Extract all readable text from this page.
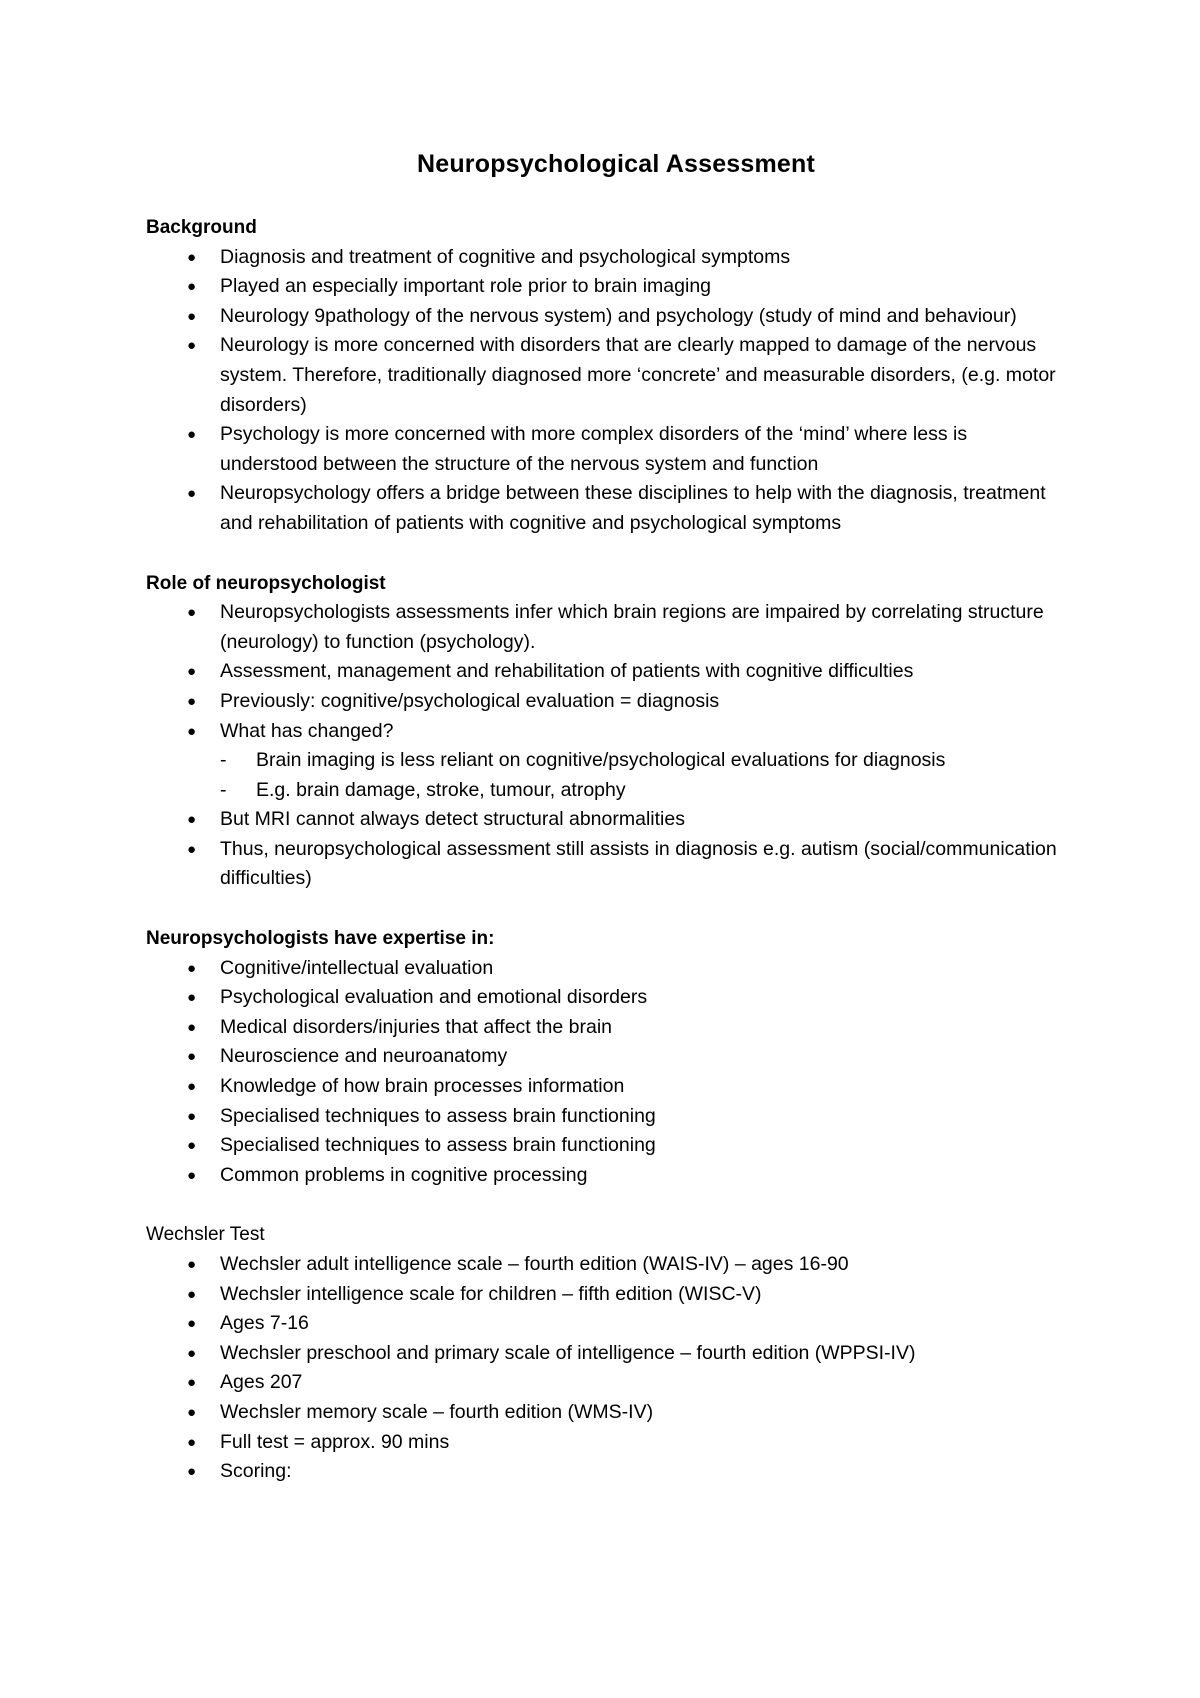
Neuropsychological Assessment

Background

● Diagnosis and treatment of cognitive and psychological symptoms
● Played an especially important role prior to brain imaging
● Neurology 9pathology of the nervous system) and psychology (study of mind and behaviour)
● Neurology is more concerned with disorders that are clearly mapped to damage of the nervous system. Therefore, traditionally diagnosed more ‘concrete’ and measurable disorders, (e.g. motor disorders)
● Psychology is more concerned with more complex disorders of the ‘mind’ where less is understood between the structure of the nervous system and function
● Neuropsychology offers a bridge between these disciplines to help with the diagnosis, treatment and rehabilitation of patients with cognitive and psychological symptoms

Role of neuropsychologist

● Neuropsychologists assessments infer which brain regions are impaired by correlating structure (neurology) to function (psychology).
● Assessment, management and rehabilitation of patients with cognitive difficulties
● Previously: cognitive/psychological evaluation = diagnosis
● What has changed?
- Brain imaging is less reliant on cognitive/psychological evaluations for diagnosis
- E.g. brain damage, stroke, tumour, atrophy
● But MRI cannot always detect structural abnormalities
● Thus, neuropsychological assessment still assists in diagnosis e.g. autism (social/communication difficulties)

Neuropsychologists have expertise in:

● Cognitive/intellectual evaluation
● Psychological evaluation and emotional disorders
● Medical disorders/injuries that affect the brain
● Neuroscience and neuroanatomy
● Knowledge of how brain processes information
● Specialised techniques to assess brain functioning
● Specialised techniques to assess brain functioning
● Common problems in cognitive processing

Wechsler Test

● Wechsler adult intelligence scale – fourth edition (WAIS-IV) – ages 16-90
● Wechsler intelligence scale for children – fifth edition (WISC-V)
● Ages 7-16
● Wechsler preschool and primary scale of intelligence – fourth edition (WPPSI-IV)
● Ages 207
● Wechsler memory scale – fourth edition (WMS-IV)
● Full test = approx. 90 mins
● Scoring:
